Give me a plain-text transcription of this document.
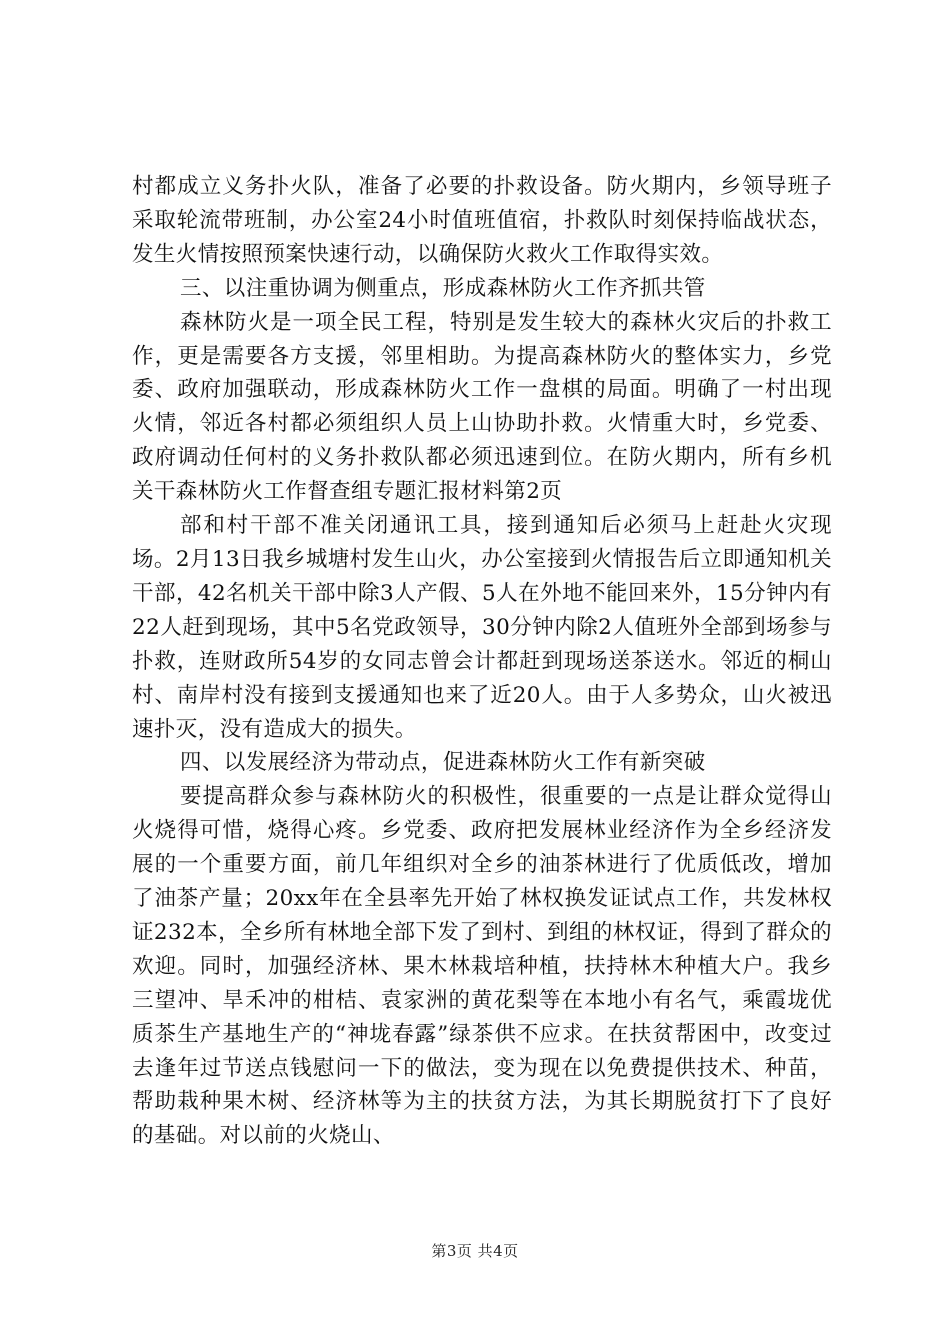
村都成立义务扑火队，准备了必要的扑救设备。防火期内，乡领导班子采取轮流带班制，办公室24小时值班值宿，扑救队时刻保持临战状态，发生火情按照预案快速行动，以确保防火救火工作取得实效。

三、以注重协调为侧重点，形成森林防火工作齐抓共管

森林防火是一项全民工程，特别是发生较大的森林火灾后的扑救工作，更是需要各方支援，邻里相助。为提高森林防火的整体实力，乡党委、政府加强联动，形成森林防火工作一盘棋的局面。明确了一村出现火情，邻近各村都必须组织人员上山协助扑救。火情重大时，乡党委、政府调动任何村的义务扑救队都必须迅速到位。在防火期内，所有乡机关干森林防火工作督查组专题汇报材料第2页

部和村干部不准关闭通讯工具，接到通知后必须马上赶赴火灾现场。2月13日我乡城塘村发生山火，办公室接到火情报告后立即通知机关干部，42名机关干部中除3人产假、5人在外地不能回来外，15分钟内有22人赶到现场，其中5名党政领导，30分钟内除2人值班外全部到场参与扑救，连财政所54岁的女同志曾会计都赶到现场送茶送水。邻近的桐山村、南岸村没有接到支援通知也来了近20人。由于人多势众，山火被迅速扑灭，没有造成大的损失。

四、以发展经济为带动点，促进森林防火工作有新突破

要提高群众参与森林防火的积极性，很重要的一点是让群众觉得山火烧得可惜，烧得心疼。乡党委、政府把发展林业经济作为全乡经济发展的一个重要方面，前几年组织对全乡的油茶林进行了优质低改，增加了油茶产量；20xx年在全县率先开始了林权换发证试点工作，共发林权证232本，全乡所有林地全部下发了到村、到组的林权证，得到了群众的欢迎。同时，加强经济林、果木林栽培种植，扶持林木种植大户。我乡三望冲、旱禾冲的柑桔、袁家洲的黄花梨等在本地小有名气，乘霞垅优质茶生产基地生产的“神垅春露”绿茶供不应求。在扶贫帮困中，改变过去逢年过节送点钱慰问一下的做法，变为现在以免费提供技术、种苗，帮助栽种果木树、经济林等为主的扶贫方法，为其长期脱贫打下了良好的基础。对以前的火烧山、

第3页 共4页
